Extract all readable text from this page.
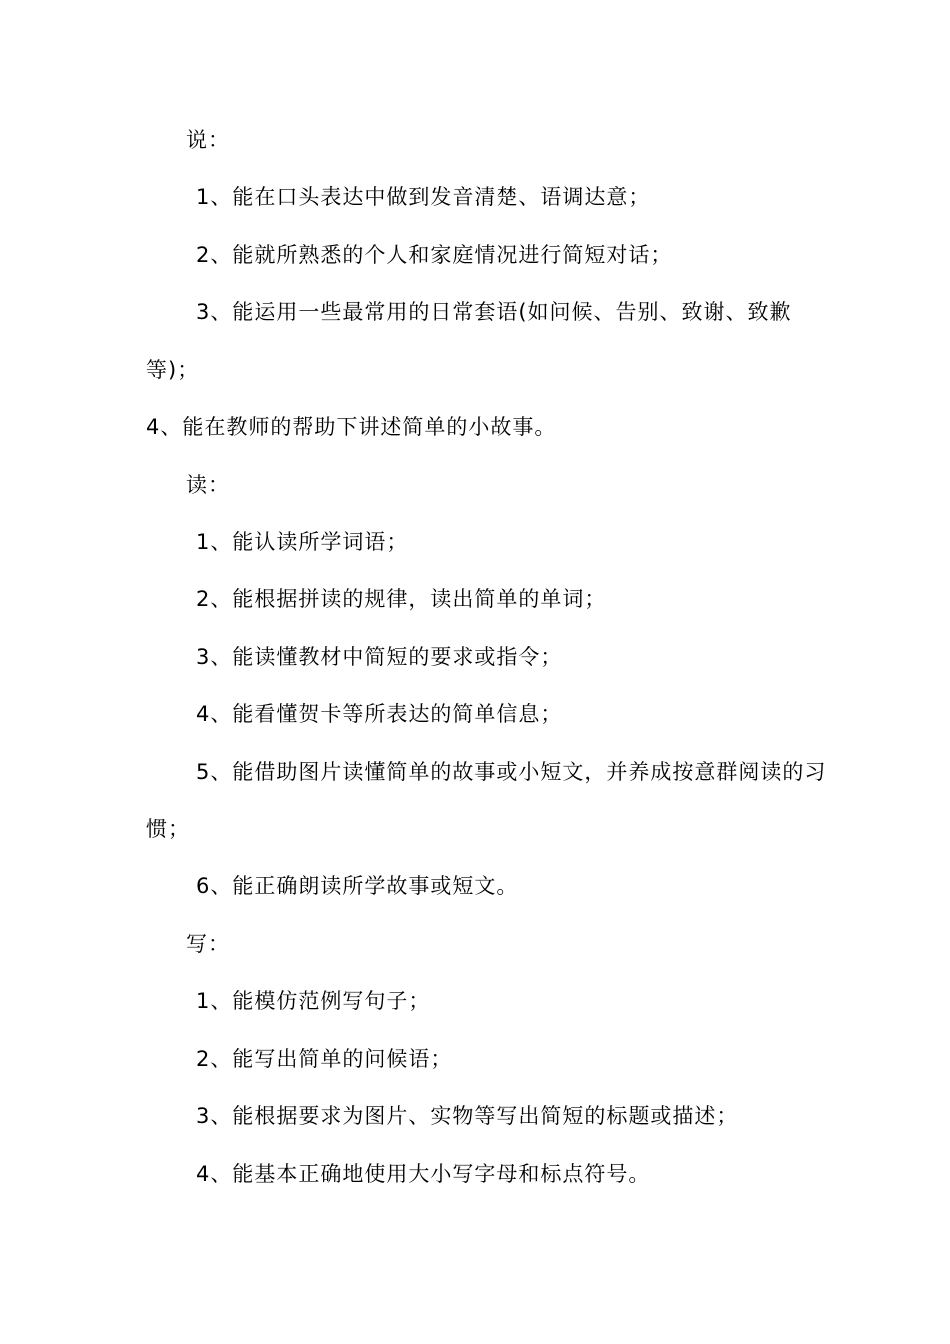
说：
1、能在口头表达中做到发音清楚、语调达意；
2、能就所熟悉的个人和家庭情况进行简短对话；
3、能运用一些最常用的日常套语(如问候、告别、致谢、致歉
等)；
4、能在教师的帮助下讲述简单的小故事。
读：
1、能认读所学词语；
2、能根据拼读的规律，读出简单的单词；
3、能读懂教材中简短的要求或指令；
4、能看懂贺卡等所表达的简单信息；
5、能借助图片读懂简单的故事或小短文，并养成按意群阅读的习
惯；
6、能正确朗读所学故事或短文。
写：
1、能模仿范例写句子；
2、能写出简单的问候语；
3、能根据要求为图片、实物等写出简短的标题或描述；
4、能基本正确地使用大小写字母和标点符号。
